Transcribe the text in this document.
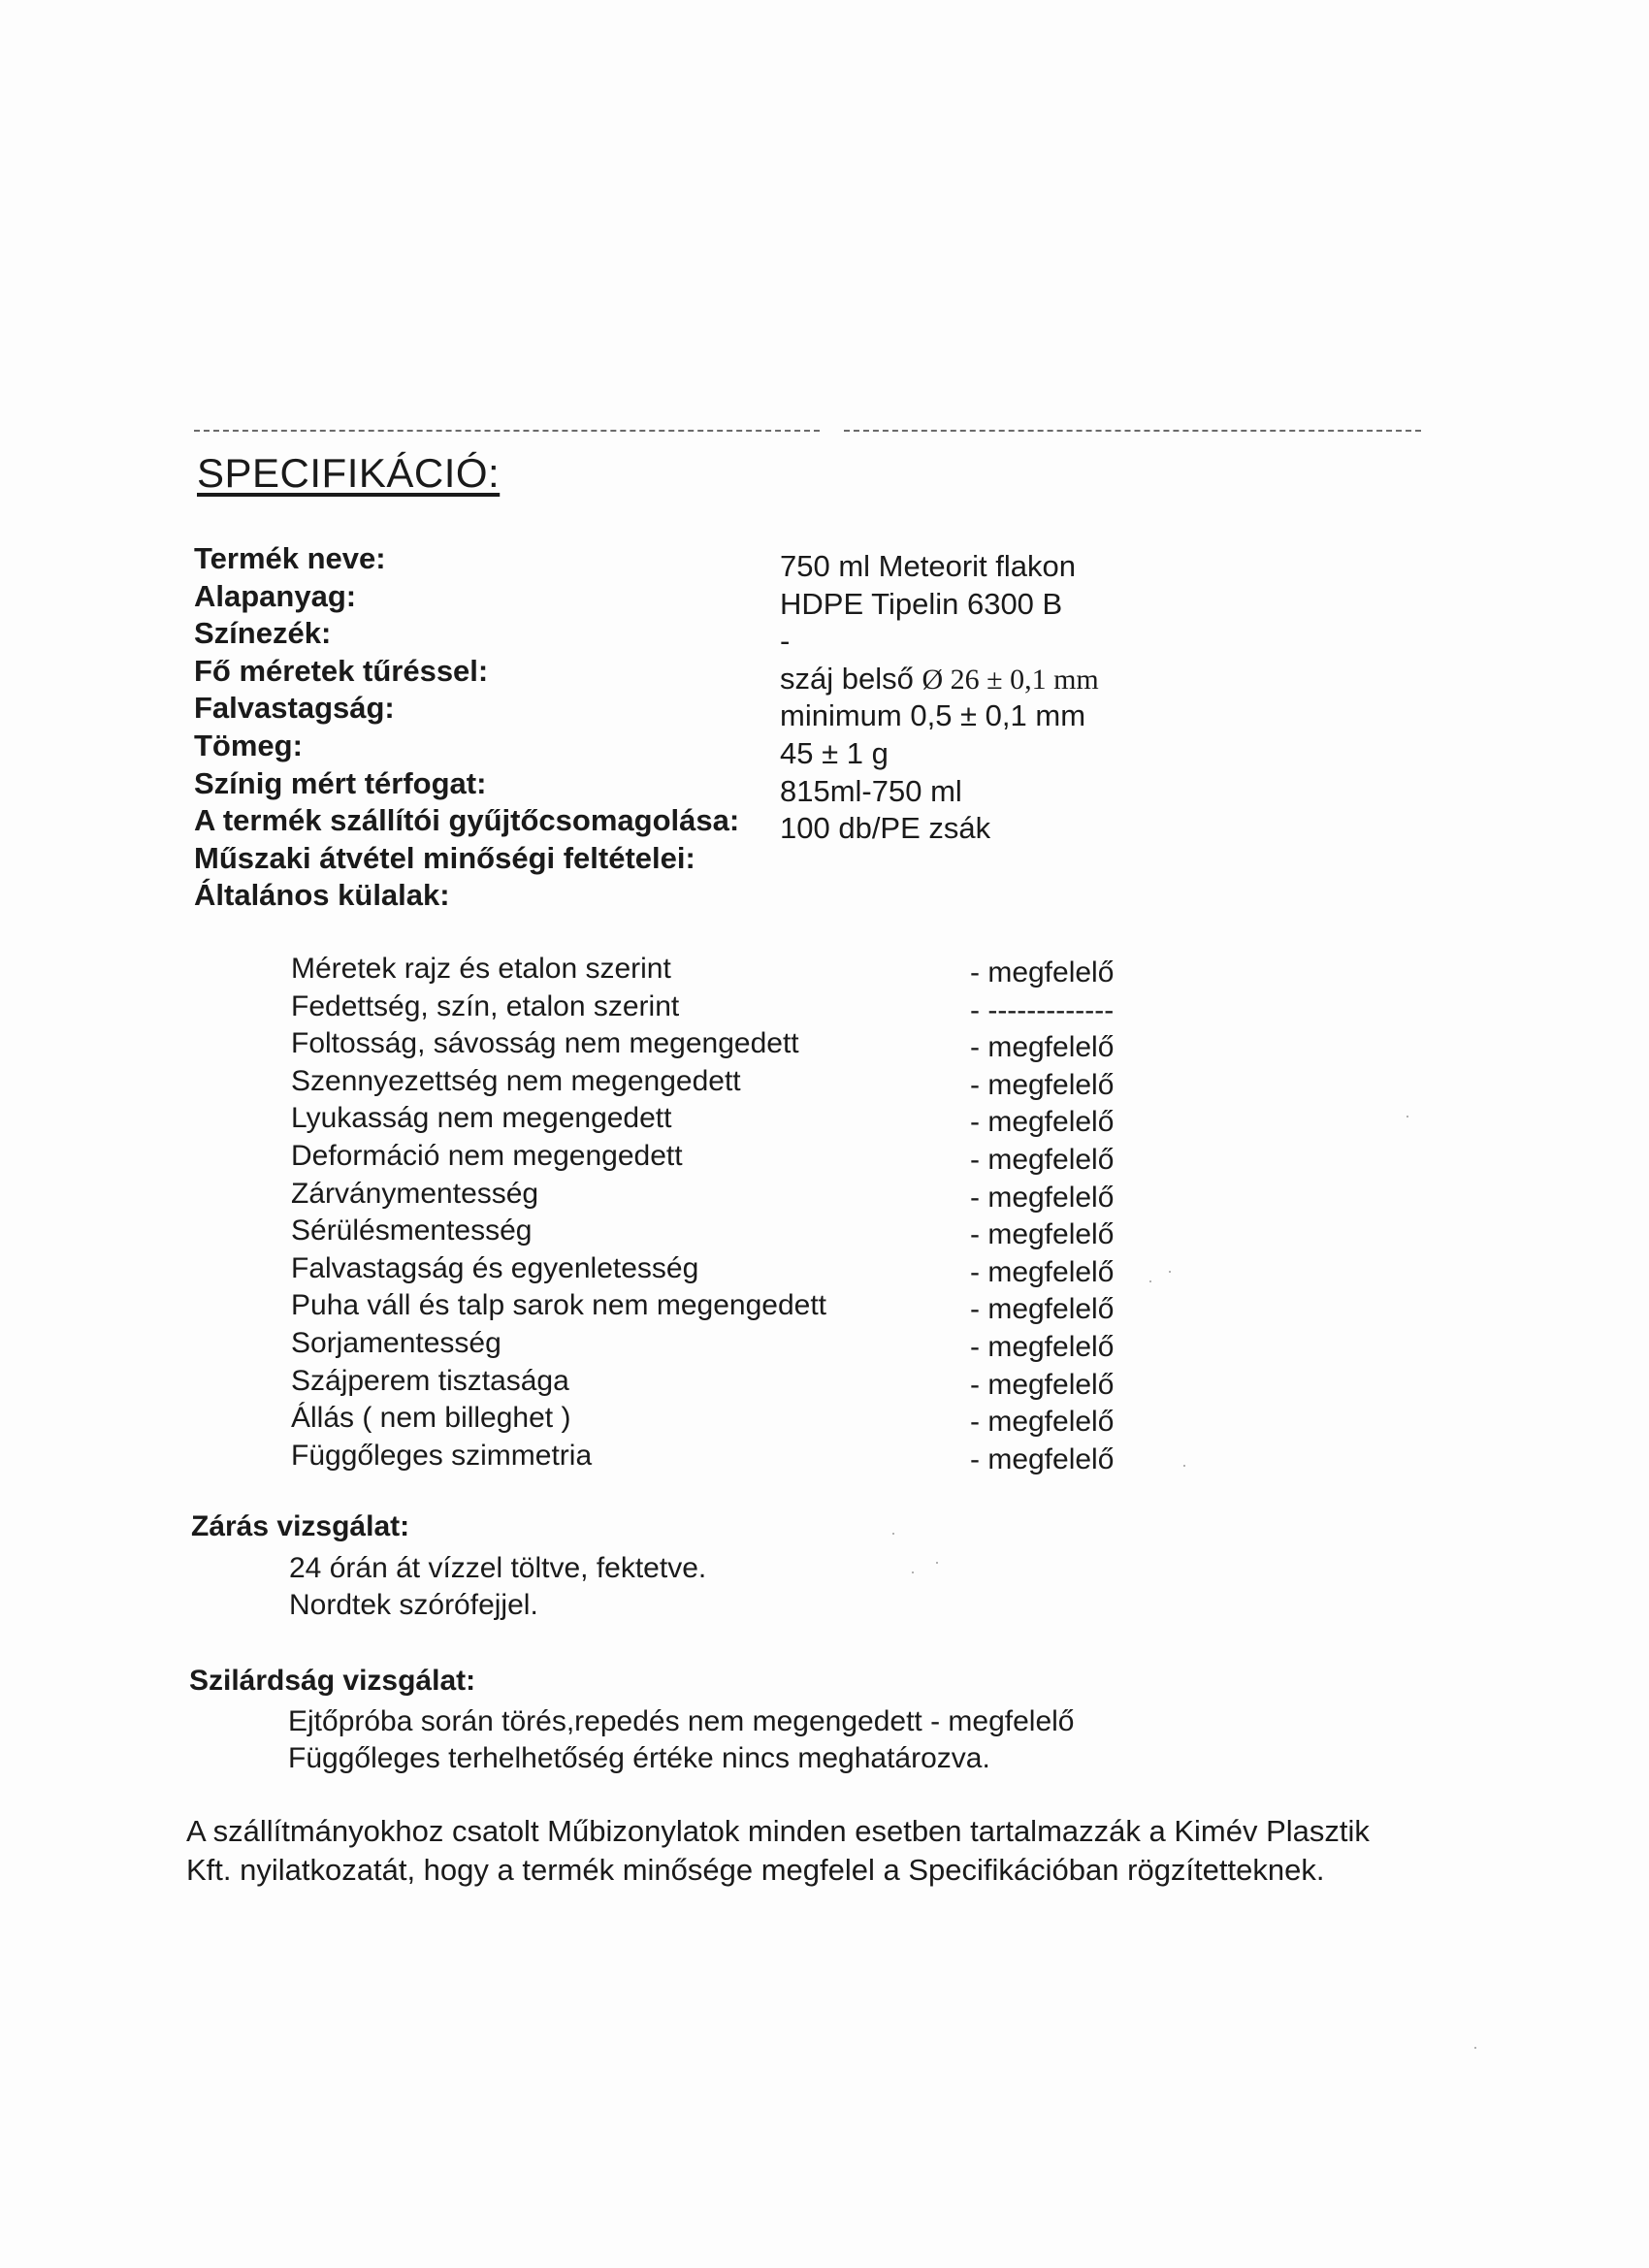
SPECIFIKÁCIÓ:
Termék neve:	750 ml Meteorit flakon
Alapanyag:	HDPE Tipelin 6300 B
Színezék:	-
Fő méretek tűréssel:	száj belső Ø 26 ± 0,1 mm
Falvastagság:	minimum 0,5 ± 0,1 mm
Tömeg:	45 ± 1 g
Színig mért térfogat:	815ml-750 ml
A termék szállítói gyűjtőcsomagolása: 100 db/PE zsák
Műszaki átvétel minőségi feltételei:
Általános külalak:
Méretek rajz és etalon szerint	- megfelelő
Fedettség, szín, etalon szerint	- -------------
Foltosság, sávosság nem megengedett	- megfelelő
Szennyezettség nem megengedett	- megfelelő
Lyukasság nem megengedett	- megfelelő
Deformáció nem megengedett	- megfelelő
Zárványmentesség	- megfelelő
Sérülésmentesség	- megfelelő
Falvastagság és egyenletesség	- megfelelő
Puha váll és talp sarok nem megengedett	- megfelelő
Sorjamentesség	- megfelelő
Szájperem tisztasága	- megfelelő
Állás ( nem billeghet )	- megfelelő
Függőleges szimmetria	- megfelelő
Zárás vizsgálat:
24 órán át vízzel töltve, fektetve.
Nordtek szórófejjel.
Szilárdság vizsgálat:
Ejtőpróba során törés,repedés nem megengedett - megfelelő
Függőleges terhelhetőség értéke nincs meghatározva.
A szállítmányokhoz csatolt Műbizonylatok minden esetben tartalmazzák a Kimév Plasztik
Kft. nyilatkozatát, hogy a termék minősége megfelel a Specifikációban rögzítetteknek.
